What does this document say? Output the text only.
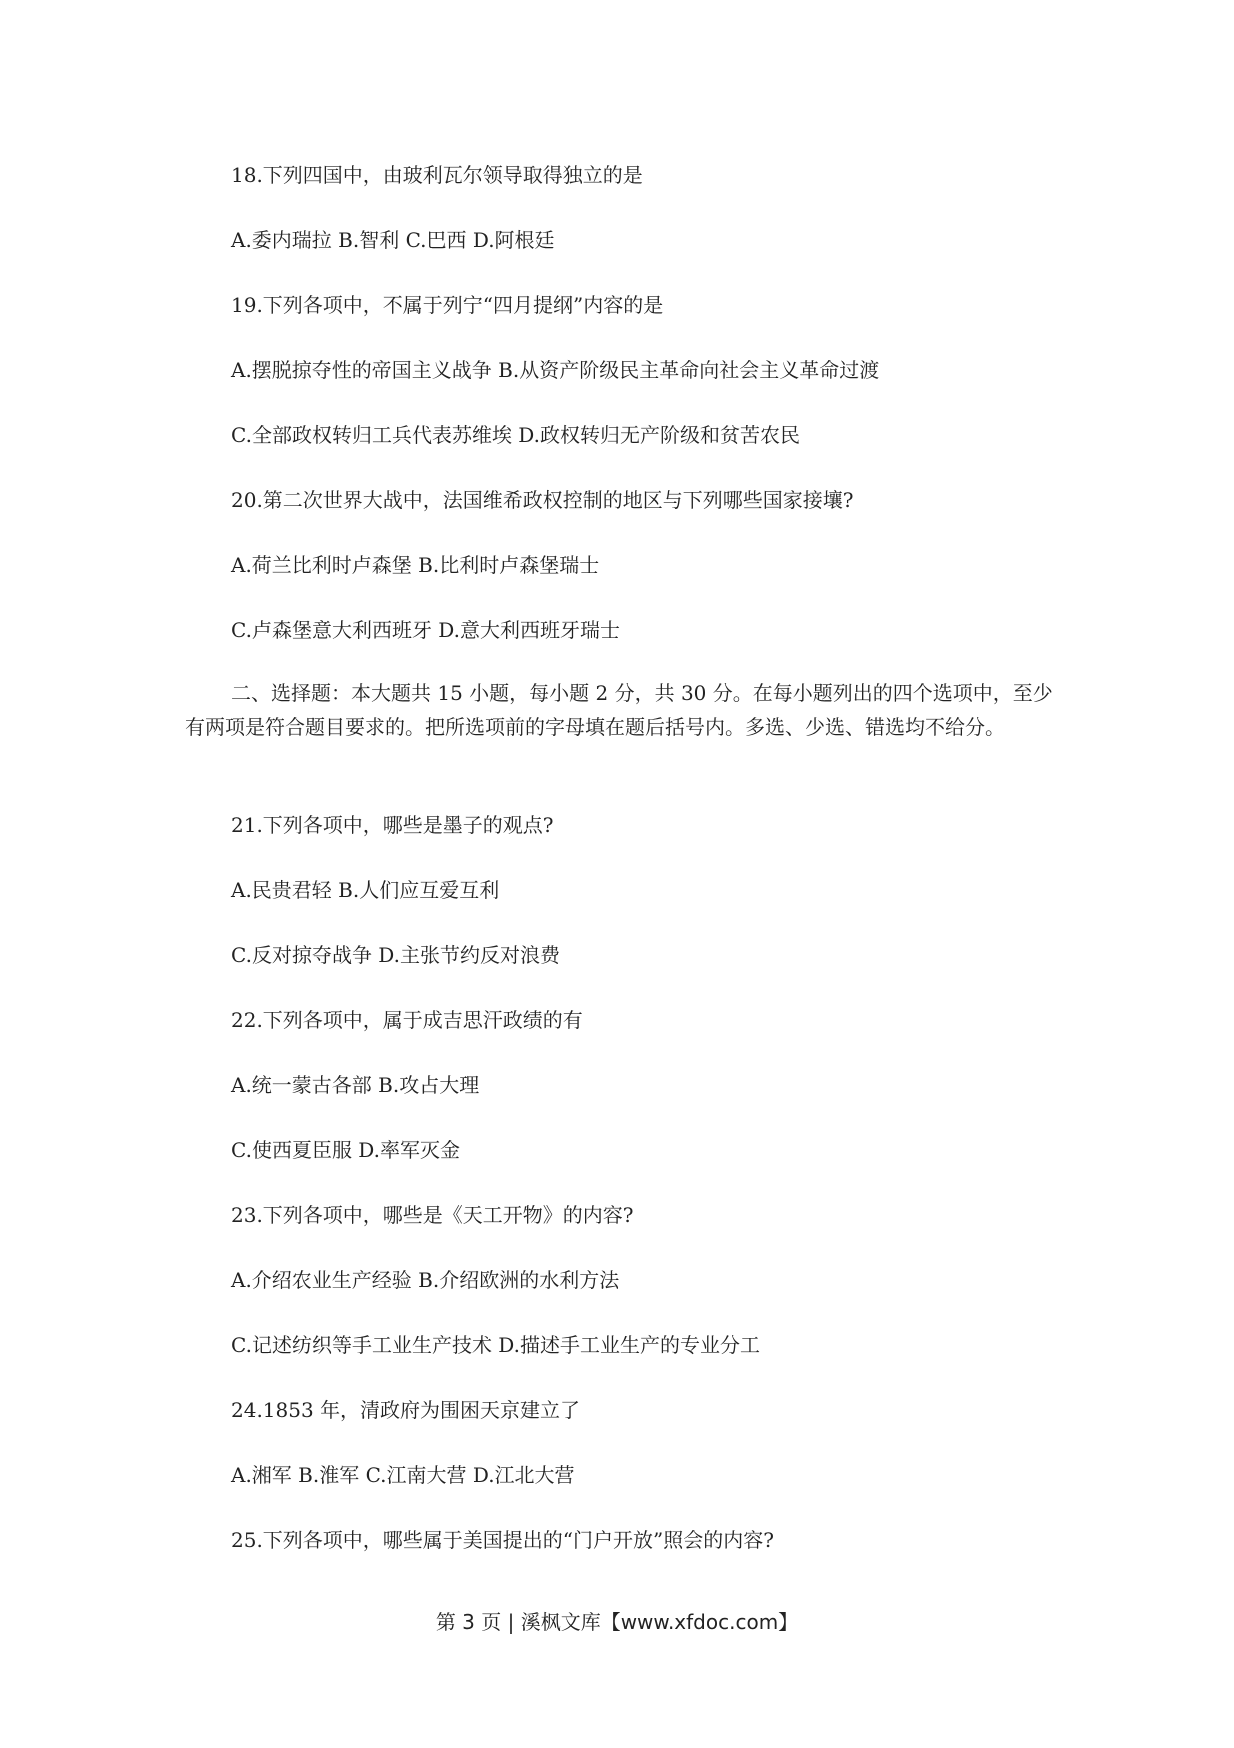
18.下列四国中，由玻利瓦尔领导取得独立的是
A.委内瑞拉 B.智利 C.巴西 D.阿根廷
19.下列各项中，不属于列宁“四月提纲”内容的是
A.摆脱掠夺性的帝国主义战争 B.从资产阶级民主革命向社会主义革命过渡
C.全部政权转归工兵代表苏维埃 D.政权转归无产阶级和贫苦农民
20.第二次世界大战中，法国维希政权控制的地区与下列哪些国家接壤?
A.荷兰比利时卢森堡 B.比利时卢森堡瑞士
C.卢森堡意大利西班牙 D.意大利西班牙瑞士
二、选择题：本大题共 15 小题，每小题 2 分，共 30 分。在每小题列出的四个选项中，至少有两项是符合题目要求的。把所选项前的字母填在题后括号内。多选、少选、错选均不给分。
21.下列各项中，哪些是墨子的观点?
A.民贵君轻 B.人们应互爱互利
C.反对掠夺战争 D.主张节约反对浪费
22.下列各项中，属于成吉思汗政绩的有
A.统一蒙古各部 B.攻占大理
C.使西夏臣服 D.率军灭金
23.下列各项中，哪些是《天工开物》的内容?
A.介绍农业生产经验 B.介绍欧洲的水利方法
C.记述纺织等手工业生产技术 D.描述手工业生产的专业分工
24.1853 年，清政府为围困天京建立了
A.湘军 B.淮军 C.江南大营 D.江北大营
25.下列各项中，哪些属于美国提出的“门户开放”照会的内容?
第 3 页 | 溪枫文库【www.xfdoc.com】
